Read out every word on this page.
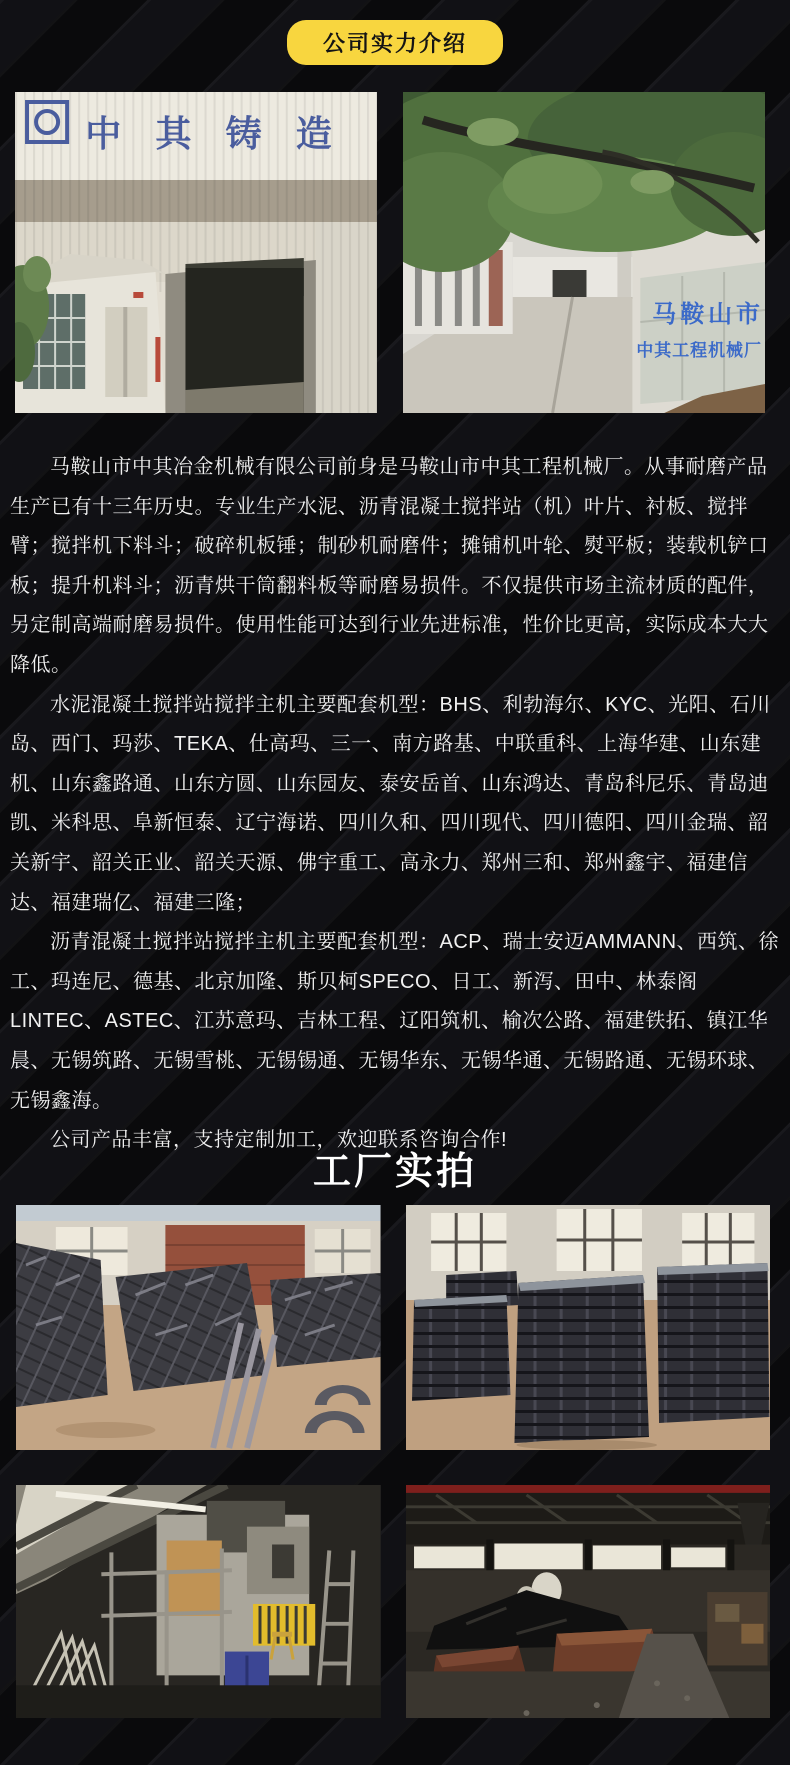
公司实力介绍
中其铸造
马鞍山市
中其工程机械厂

马鞍山市中其冶金机械有限公司前身是马鞍山市中其工程机械厂。从事耐磨产品生产已有十三年历史。专业生产水泥、沥青混凝土搅拌站（机）叶片、衬板、搅拌臂；搅拌机下料斗；破碎机板锤；制砂机耐磨件；摊铺机叶轮、熨平板；装载机铲口板；提升机料斗；沥青烘干筒翻料板等耐磨易损件。不仅提供市场主流材质的配件，另定制高端耐磨易损件。使用性能可达到行业先进标准，性价比更高，实际成本大大降低。

水泥混凝土搅拌站搅拌主机主要配套机型：BHS、利勃海尔、KYC、光阳、石川岛、西门、玛莎、TEKA、仕高玛、三一、南方路基、中联重科、上海华建、山东建机、山东鑫路通、山东方圆、山东园友、泰安岳首、山东鸿达、青岛科尼乐、青岛迪凯、米科思、阜新恒泰、辽宁海诺、四川久和、四川现代、四川德阳、四川金瑞、韶关新宇、韶关正业、韶关天源、佛宇重工、高永力、郑州三和、郑州鑫宇、福建信达、福建瑞亿、福建三隆；

沥青混凝土搅拌站搅拌主机主要配套机型：ACP、瑞士安迈AMMANN、西筑、徐工、玛连尼、德基、北京加隆、斯贝柯SPECO、日工、新泻、田中、林泰阁LINTEC、ASTEC、江苏意玛、吉林工程、辽阳筑机、榆次公路、福建铁拓、镇江华晨、无锡筑路、无锡雪桃、无锡锡通、无锡华东、无锡华通、无锡路通、无锡环球、无锡鑫海。

公司产品丰富，支持定制加工，欢迎联系咨询合作!

工厂实拍
